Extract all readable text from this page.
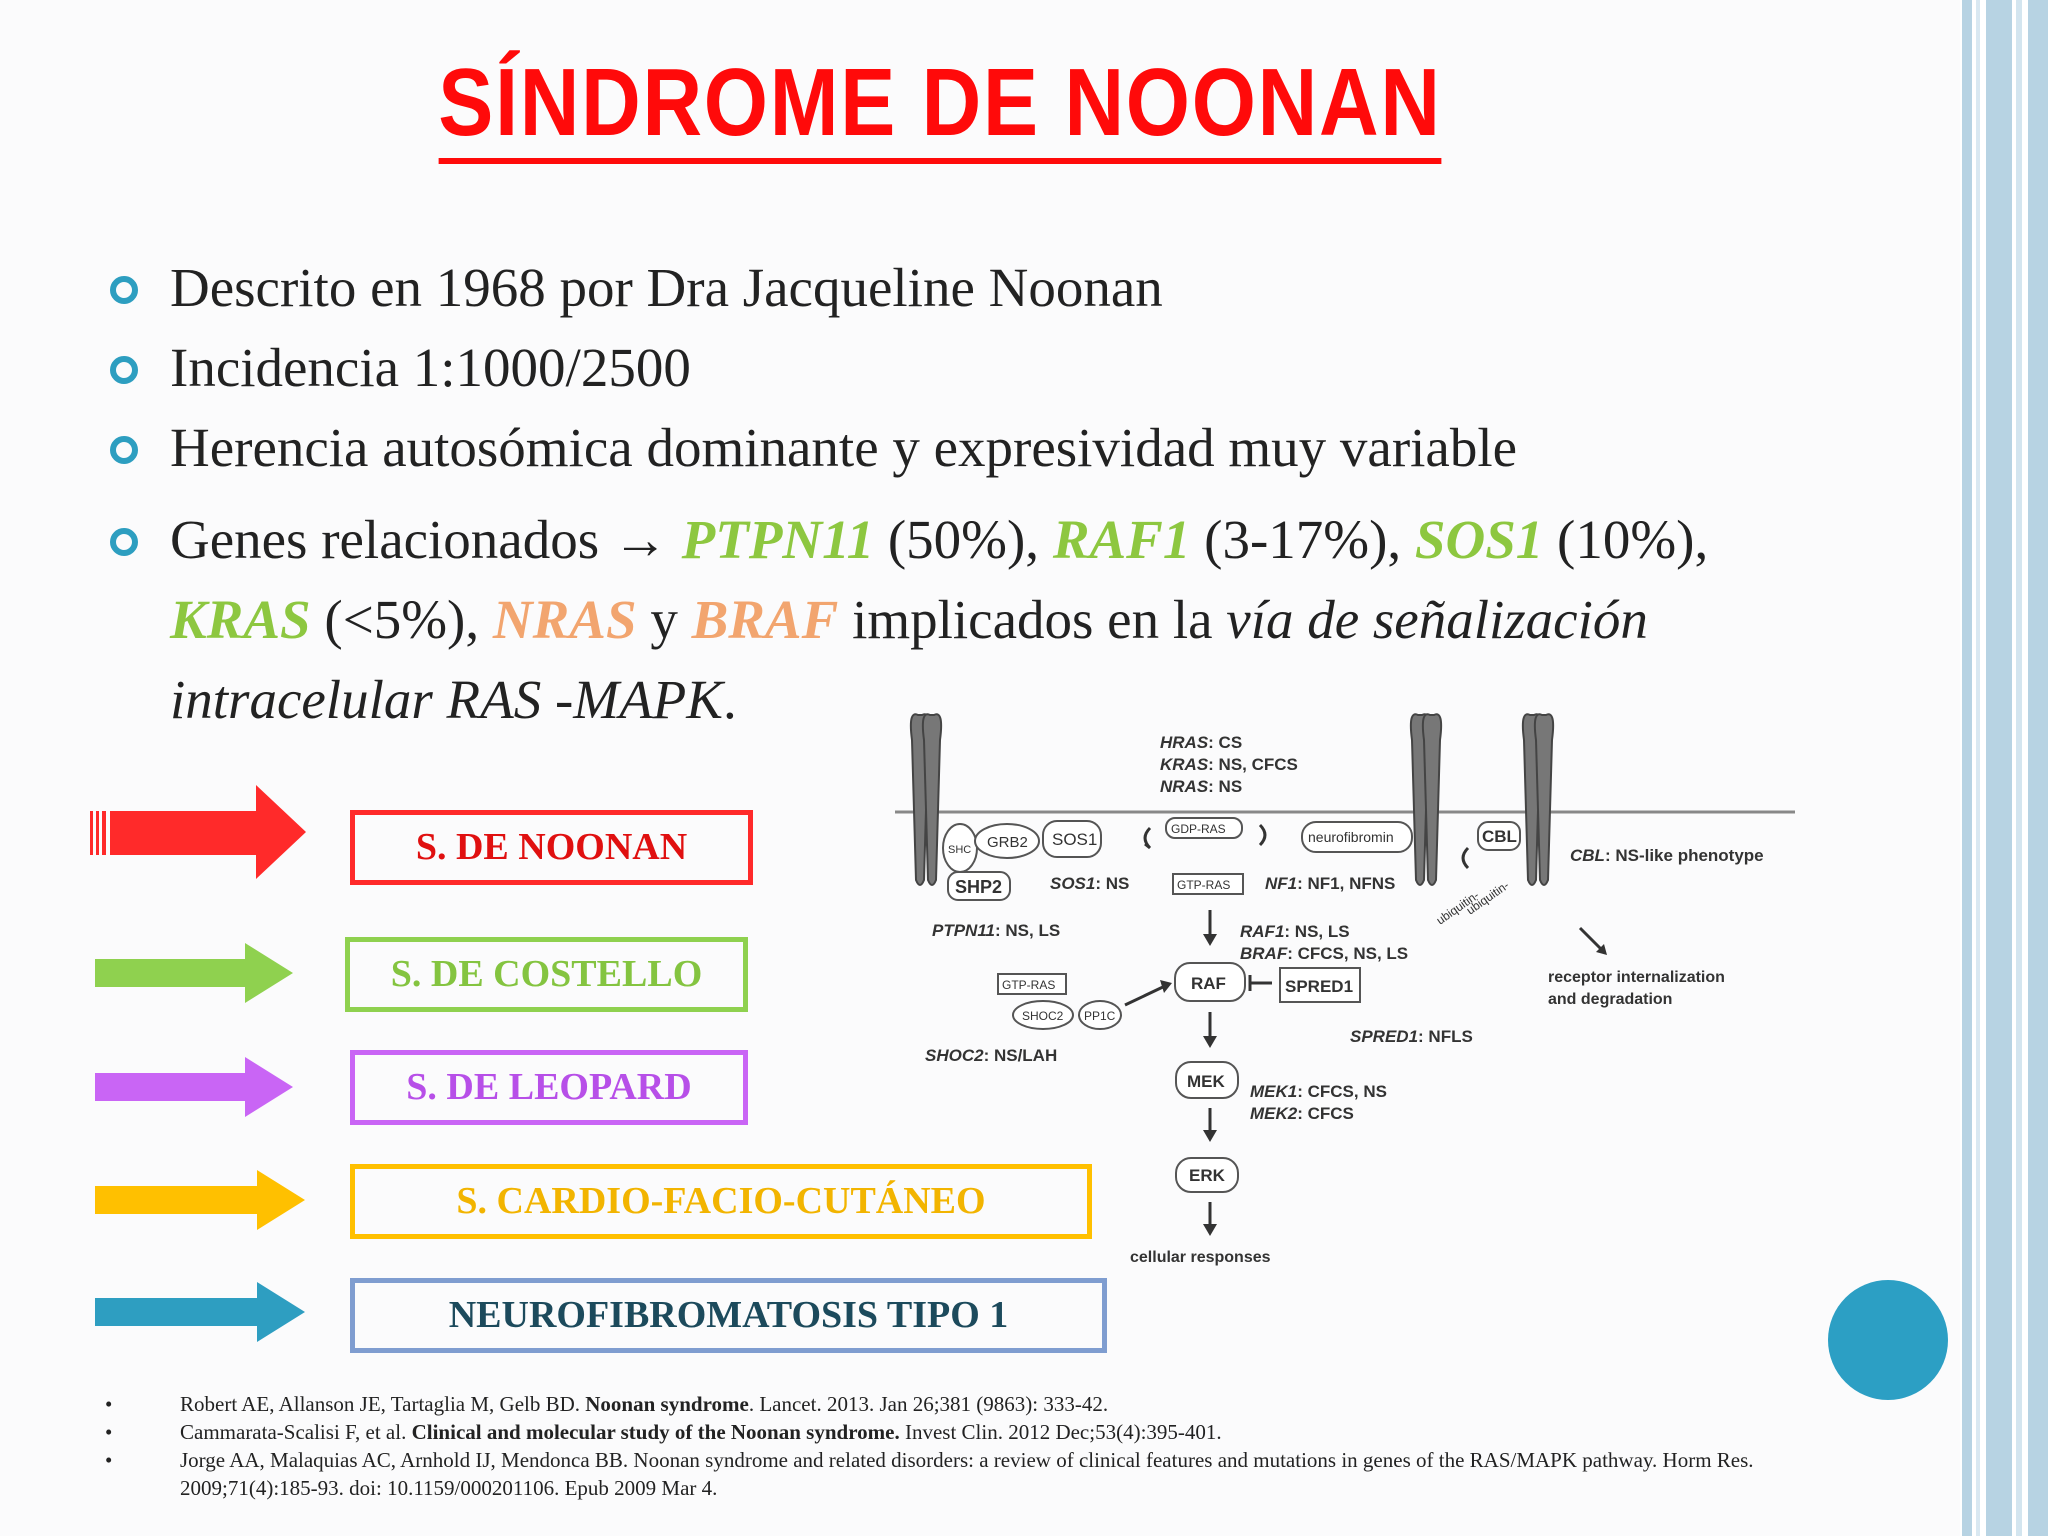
SÍNDROME DE NOONAN
Descrito en 1968 por Dra Jacqueline Noonan
Incidencia 1:1000/2500
Herencia autosómica dominante y expresividad muy variable
Genes relacionados → PTPN11 (50%), RAF1 (3-17%), SOS1 (10%), KRAS (<5%), NRAS y BRAF implicados en la vía de señalización intracelular RAS -MAPK.
S. DE NOONAN
S. DE COSTELLO
S. DE LEOPARD
S. CARDIO-FACIO-CUTÁNEO
NEUROFIBROMATOSIS TIPO 1
HRAS: CS
KRAS: NS, CFCS
NRAS: NS
SHC GRB2 SOS1
GDP-RAS	neurofibromin	CBL
CBL: NS-like phenotype
SHP2	SOS1: NS	GTP-RAS NF1: NF1, NFNS	ubiquitin-
ubiquitin-
PTPN11: NS, LS	RAF1: NS, LS
BRAF: CFCS, NS, LS
receptor internalization
and degradation
GTP-RAS
SHOC2 PP1C
RAF	SPRED1
SPRED1: NFLS
SHOC2: NS/LAH
MEK
MEK1: CFCS, NS
MEK2: CFCS
ERK
cellular responses
•	Robert AE, Allanson JE, Tartaglia M, Gelb BD. Noonan syndrome. Lancet. 2013. Jan 26;381 (9863): 333-42.
•	Cammarata-Scalisi F, et al. Clinical and molecular study of the Noonan syndrome. Invest Clin. 2012 Dec;53(4):395-401.
•	Jorge AA, Malaquias AC, Arnhold IJ, Mendonca BB. Noonan syndrome and related disorders: a review of clinical features and mutations in genes of the RAS/MAPK pathway. Horm Res. 2009;71(4):185-93. doi: 10.1159/000201106. Epub 2009 Mar 4.
